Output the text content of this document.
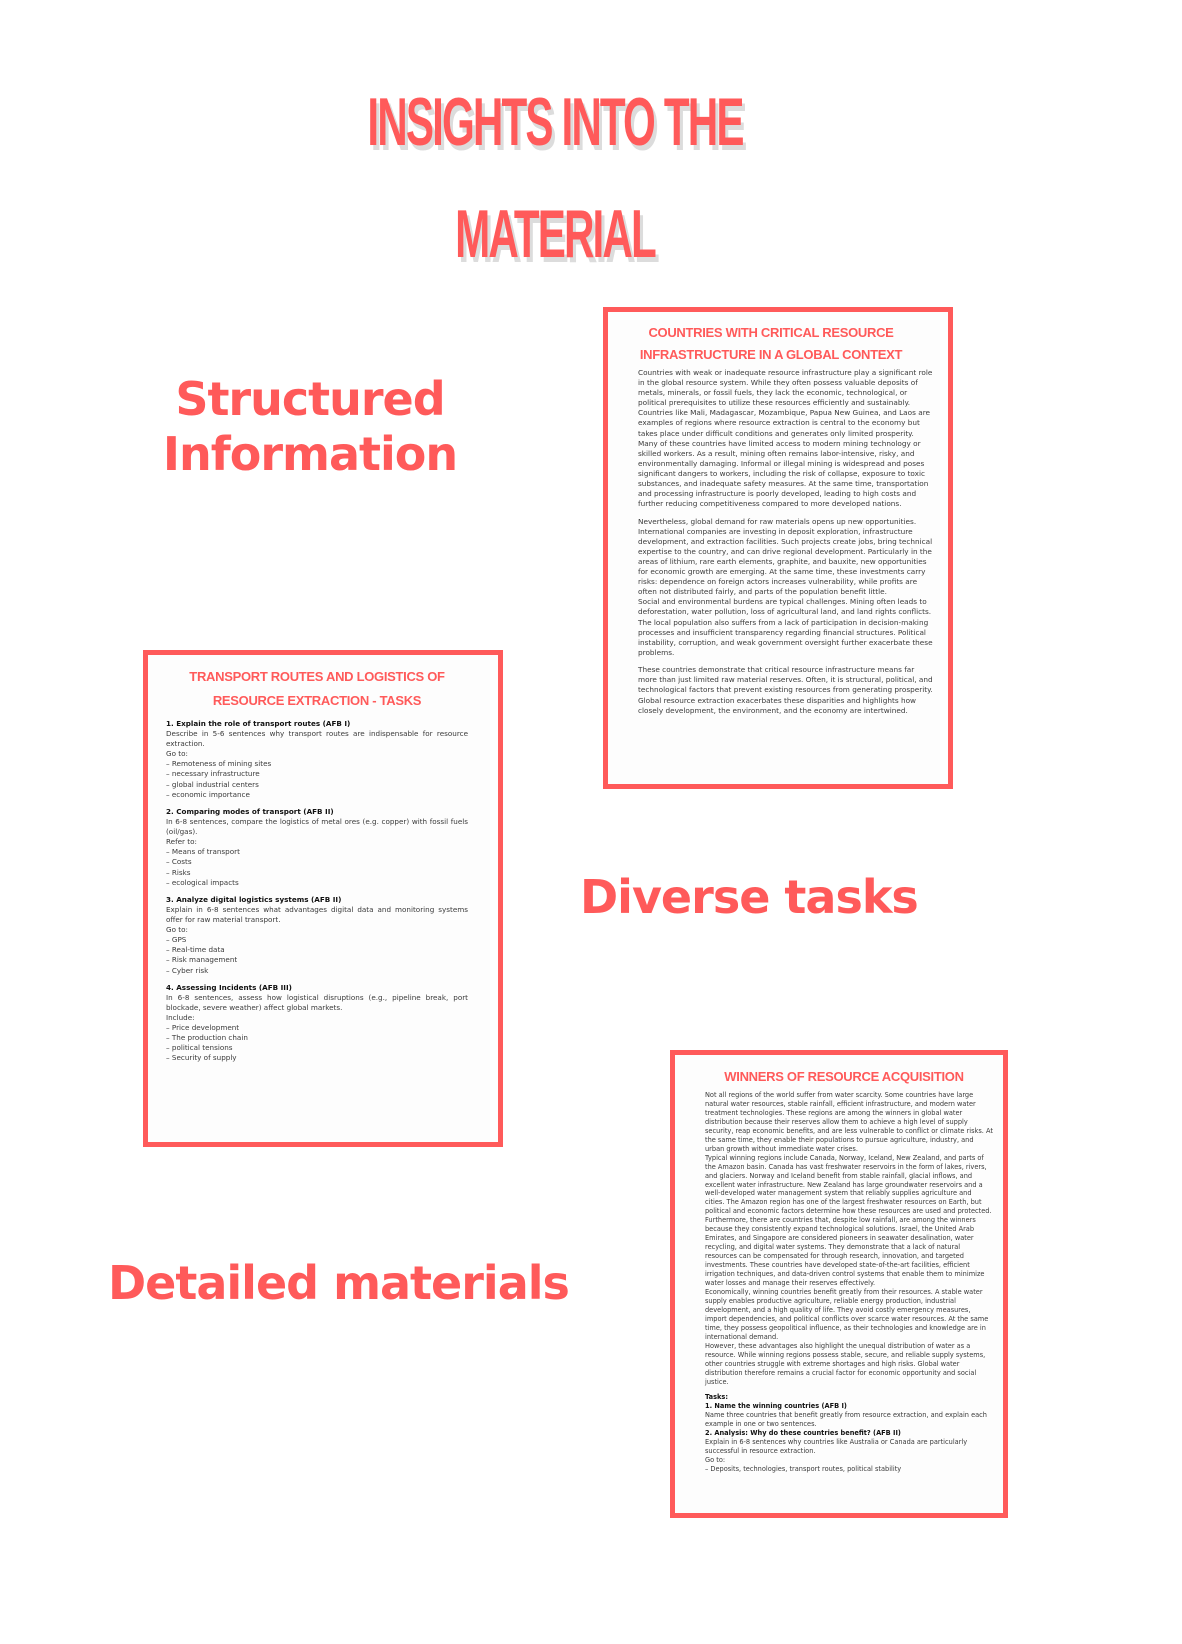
INSIGHTS INTO THE
MATERIAL
Structured
Information
Diverse tasks
Detailed materials
COUNTRIES WITH CRITICAL RESOURCE INFRASTRUCTURE IN A GLOBAL CONTEXT

Countries with weak or inadequate resource infrastructure play a significant role in the global resource system. While they often possess valuable deposits of metals, minerals, or fossil fuels, they lack the economic, technological, or political prerequisites to utilize these resources efficiently and sustainably. Countries like Mali, Madagascar, Mozambique, Papua New Guinea, and Laos are examples of regions where resource extraction is central to the economy but takes place under difficult conditions and generates only limited prosperity.

Many of these countries have limited access to modern mining technology or skilled workers. As a result, mining often remains labor-intensive, risky, and environmentally damaging. Informal or illegal mining is widespread and poses significant dangers to workers, including the risk of collapse, exposure to toxic substances, and inadequate safety measures. At the same time, transportation and processing infrastructure is poorly developed, leading to high costs and further reducing competitiveness compared to more developed nations.

Nevertheless, global demand for raw materials opens up new opportunities. International companies are investing in deposit exploration, infrastructure development, and extraction facilities. Such projects create jobs, bring technical expertise to the country, and can drive regional development. Particularly in the areas of lithium, rare earth elements, graphite, and bauxite, new opportunities for economic growth are emerging. At the same time, these investments carry risks: dependence on foreign actors increases vulnerability, while profits are often not distributed fairly, and parts of the population benefit little.

Social and environmental burdens are typical challenges. Mining often leads to deforestation, water pollution, loss of agricultural land, and land rights conflicts. The local population also suffers from a lack of participation in decision-making processes and insufficient transparency regarding financial structures. Political instability, corruption, and weak government oversight further exacerbate these problems.

These countries demonstrate that critical resource infrastructure means far more than just limited raw material reserves. Often, it is structural, political, and technological factors that prevent existing resources from generating prosperity. Global resource extraction exacerbates these disparities and highlights how closely development, the environment, and the economy are intertwined.

TRANSPORT ROUTES AND LOGISTICS OF RESOURCE EXTRACTION - TASKS

1. Explain the role of transport routes (AFB I)

Describe in 5-6 sentences why transport routes are indispensable for resource extraction.

Go to:

– Remoteness of mining sites

– necessary infrastructure

– global industrial centers

– economic importance

2. Comparing modes of transport (AFB II)

In 6-8 sentences, compare the logistics of metal ores (e.g. copper) with fossil fuels (oil/gas).

Refer to:

– Means of transport

– Costs

– Risks

– ecological impacts

3. Analyze digital logistics systems (AFB II)

Explain in 6-8 sentences what advantages digital data and monitoring systems offer for raw material transport.

Go to:

– GPS

– Real-time data

– Risk management

– Cyber risk

4. Assessing Incidents (AFB III)

In 6-8 sentences, assess how logistical disruptions (e.g., pipeline break, port blockade, severe weather) affect global markets.

Include:

– Price development

– The production chain

– political tensions

– Security of supply

WINNERS OF RESOURCE ACQUISITION

Not all regions of the world suffer from water scarcity. Some countries have large natural water resources, stable rainfall, efficient infrastructure, and modern water treatment technologies. These regions are among the winners in global water distribution because their reserves allow them to achieve a high level of supply security, reap economic benefits, and are less vulnerable to conflict or climate risks. At the same time, they enable their populations to pursue agriculture, industry, and urban growth without immediate water crises.

Typical winning regions include Canada, Norway, Iceland, New Zealand, and parts of the Amazon basin. Canada has vast freshwater reservoirs in the form of lakes, rivers, and glaciers. Norway and Iceland benefit from stable rainfall, glacial inflows, and excellent water infrastructure. New Zealand has large groundwater reservoirs and a well-developed water management system that reliably supplies agriculture and cities. The Amazon region has one of the largest freshwater resources on Earth, but political and economic factors determine how these resources are used and protected.

Furthermore, there are countries that, despite low rainfall, are among the winners because they consistently expand technological solutions. Israel, the United Arab Emirates, and Singapore are considered pioneers in seawater desalination, water recycling, and digital water systems. They demonstrate that a lack of natural resources can be compensated for through research, innovation, and targeted investments. These countries have developed state-of-the-art facilities, efficient irrigation techniques, and data-driven control systems that enable them to minimize water losses and manage their reserves effectively.

Economically, winning countries benefit greatly from their resources. A stable water supply enables productive agriculture, reliable energy production, industrial development, and a high quality of life. They avoid costly emergency measures, import dependencies, and political conflicts over scarce water resources. At the same time, they possess geopolitical influence, as their technologies and knowledge are in international demand.

However, these advantages also highlight the unequal distribution of water as a resource. While winning regions possess stable, secure, and reliable supply systems, other countries struggle with extreme shortages and high risks. Global water distribution therefore remains a crucial factor for economic opportunity and social justice.

Tasks:

1. Name the winning countries (AFB I)

Name three countries that benefit greatly from resource extraction, and explain each example in one or two sentences.

2. Analysis: Why do these countries benefit? (AFB II)

Explain in 6-8 sentences why countries like Australia or Canada are particularly successful in resource extraction.

Go to:

– Deposits, technologies, transport routes, political stability
